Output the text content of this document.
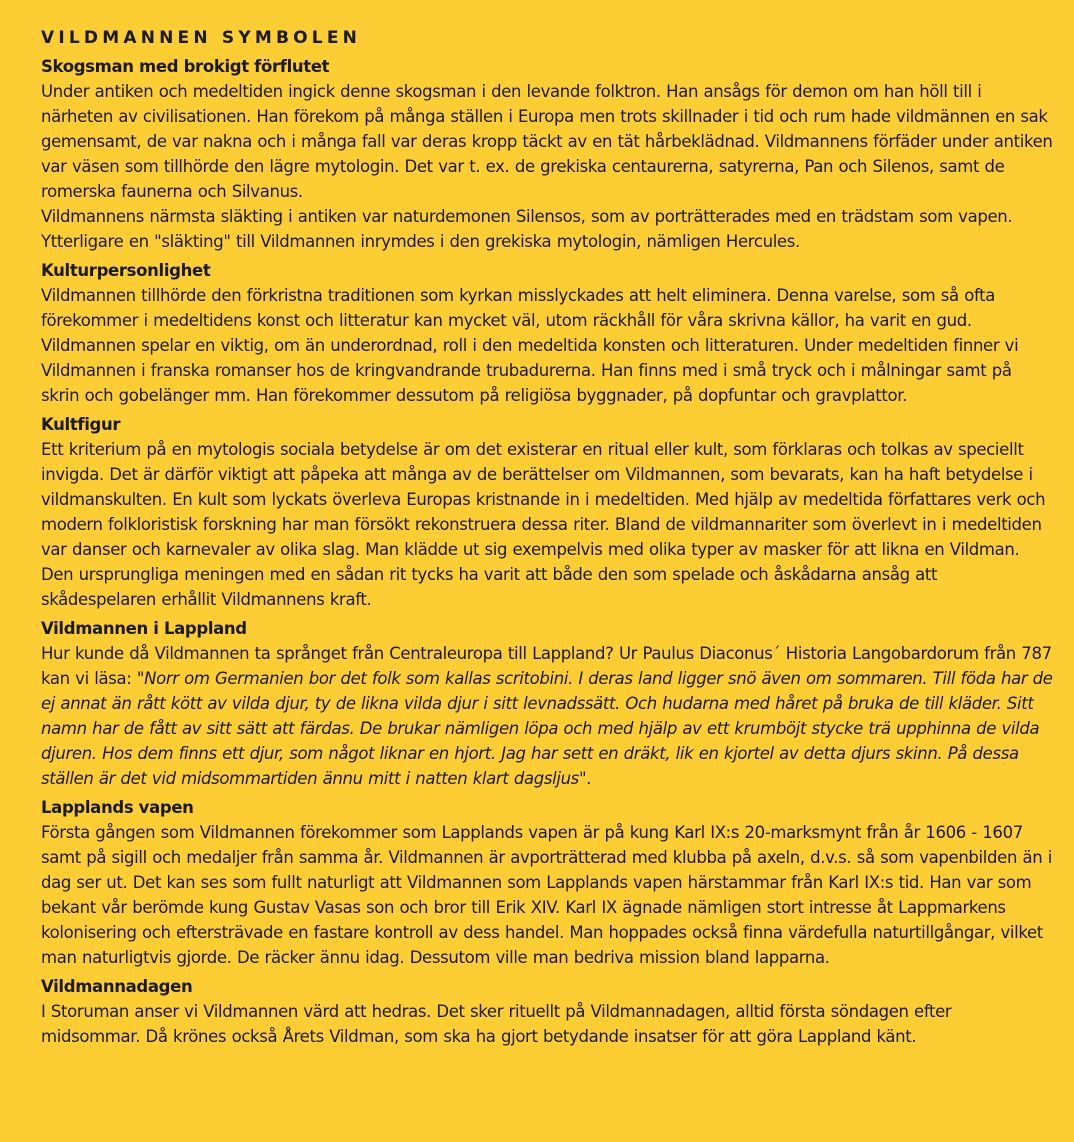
VILDMANNEN SYMBOLEN
Skogsman med brokigt förflutet

Under antiken och medeltiden ingick denne skogsman i den levande folktron. Han ansågs för demon om han höll till i närheten av civilisationen. Han förekom på många ställen i Europa men trots skillnader i tid och rum hade vildmännen en sak gemensamt, de var nakna och i många fall var deras kropp täckt av en tät hårbeklädnad. Vildmannens förfäder under antiken var väsen som tillhörde den lägre mytologin. Det var t. ex. de grekiska centaurerna, satyrerna, Pan och Silenos, samt de romerska faunerna och Silvanus.

Vildmannens närmsta släkting i antiken var naturdemonen Silensos, som av porträtterades med en trädstam som vapen. Ytterligare en "släkting" till Vildmannen inrymdes i den grekiska mytologin, nämligen Hercules.

Kulturpersonlighet

Vildmannen tillhörde den förkristna traditionen som kyrkan misslyckades att helt eliminera. Denna varelse, som så ofta förekommer i medeltidens konst och litteratur kan mycket väl, utom räckhåll för våra skrivna källor, ha varit en gud. Vildmannen spelar en viktig, om än underordnad, roll i den medeltida konsten och litteraturen. Under medeltiden finner vi Vildmannen i franska romanser hos de kringvandrande trubadurerna. Han finns med i små tryck och i målningar samt på skrin och gobelänger mm. Han förekommer dessutom på religiösa byggnader, på dopfuntar och gravplattor.

Kultfigur

Ett kriterium på en mytologis sociala betydelse är om det existerar en ritual eller kult, som förklaras och tolkas av speciellt invigda. Det är därför viktigt att påpeka att många av de berättelser om Vildmannen, som bevarats, kan ha haft betydelse i vildmanskulten. En kult som lyckats överleva Europas kristnande in i medeltiden. Med hjälp av medeltida författares verk och modern folkloristisk forskning har man försökt rekonstruera dessa riter. Bland de vildmannariter som överlevt in i medeltiden var danser och karnevaler av olika slag. Man klädde ut sig exempelvis med olika typer av masker för att likna en Vildman. Den ursprungliga meningen med en sådan rit tycks ha varit att både den som spelade och åskådarna ansåg att skådespelaren erhållit Vildmannens kraft.

Vildmannen i Lappland

Hur kunde då Vildmannen ta språnget från Centraleuropa till Lappland? Ur Paulus Diaconus´ Historia Langobardorum från 787 kan vi läsa: "Norr om Germanien bor det folk som kallas scritobini. I deras land ligger snö även om sommaren. Till föda har de ej annat än rått kött av vilda djur, ty de likna vilda djur i sitt levnadssätt. Och hudarna med håret på bruka de till kläder. Sitt namn har de fått av sitt sätt att färdas. De brukar nämligen löpa och med hjälp av ett krumböjt stycke trä upphinna de vilda djuren. Hos dem finns ett djur, som något liknar en hjort. Jag har sett en dräkt, lik en kjortel av detta djurs skinn. På dessa ställen är det vid midsommartiden ännu mitt i natten klart dagsljus".

Lapplands vapen

Första gången som Vildmannen förekommer som Lapplands vapen är på kung Karl IX:s 20-marksmynt från år 1606 - 1607 samt på sigill och medaljer från samma år. Vildmannen är avporträtterad med klubba på axeln, d.v.s. så som vapenbilden än i dag ser ut. Det kan ses som fullt naturligt att Vildmannen som Lapplands vapen härstammar från Karl IX:s tid. Han var som bekant vår berömde kung Gustav Vasas son och bror till Erik XIV. Karl IX ägnade nämligen stort intresse åt Lappmarkens kolonisering och eftersträvade en fastare kontroll av dess handel. Man hoppades också finna värdefulla naturtillgångar, vilket man naturligtvis gjorde. De räcker ännu idag. Dessutom ville man bedriva mission bland lapparna.

Vildmannadagen

I Storuman anser vi Vildmannen värd att hedras. Det sker rituellt på Vildmannadagen, alltid första söndagen efter midsommar. Då krönes också Årets Vildman, som ska ha gjort betydande insatser för att göra Lappland känt.
